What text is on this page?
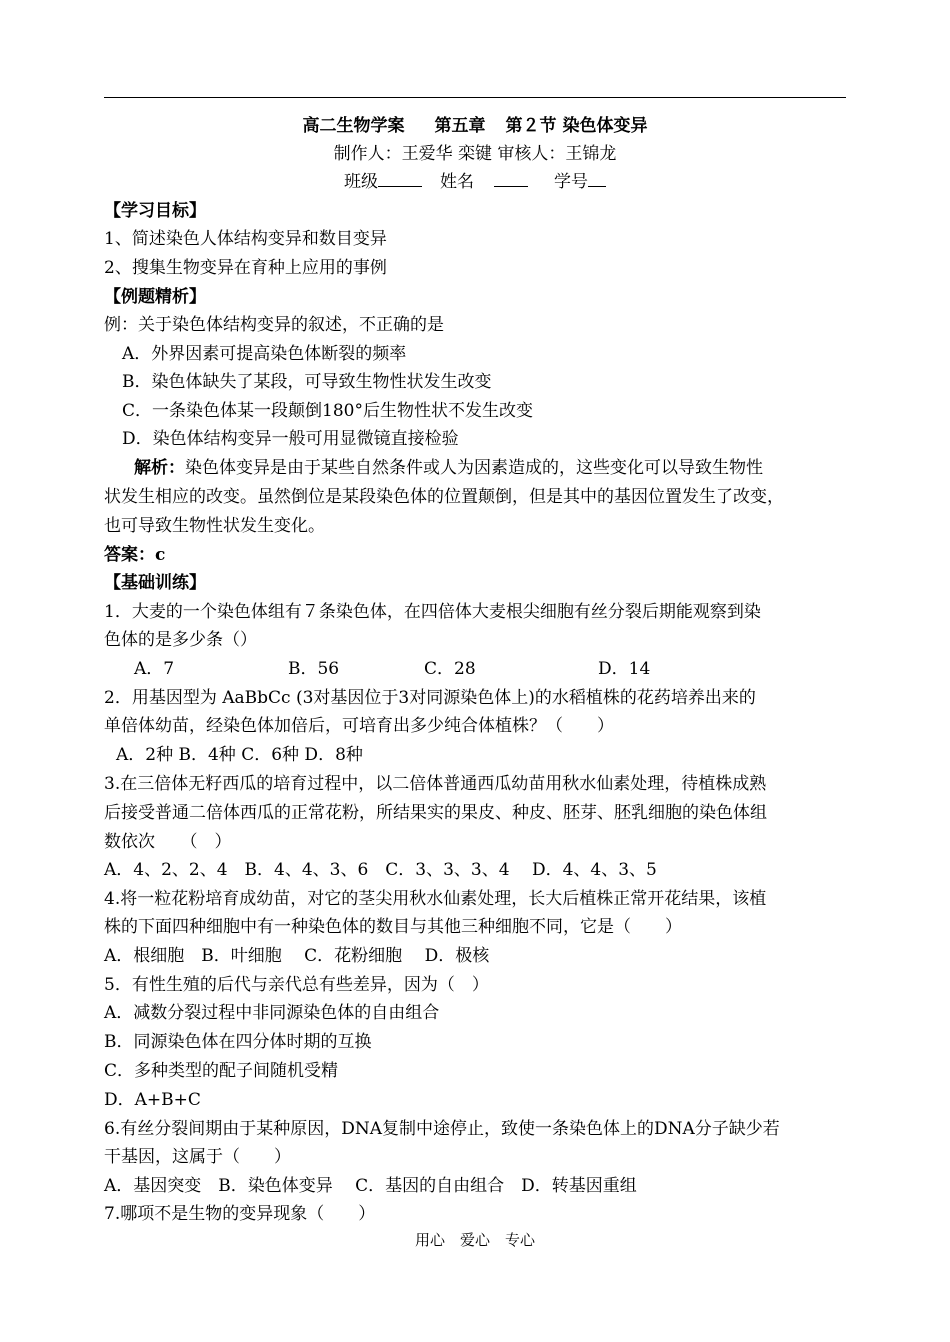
高二生物学案 第五章 第２节 染色体变异
制作人：王爱华 栾键 审核人：王锦龙
班级	姓名	学号
【学习目标】
1、简述染色人体结构变异和数目变异
2、搜集生物变异在育种上应用的事例
【例题精析】
例：关于染色体结构变异的叙述，不正确的是
A．外界因素可提高染色体断裂的频率
B．染色体缺失了某段，可导致生物性状发生改变
C．一条染色体某一段颠倒180°后生物性状不发生改变
D．染色体结构变异一般可用显微镜直接检验
解析：染色体变异是由于某些自然条件或人为因素造成的，这些变化可以导致生物性
状发生相应的改变。虽然倒位是某段染色体的位置颠倒，但是其中的基因位置发生了改变，
也可导致生物性状发生变化。
答案：c
【基础训练】
1．大麦的一个染色体组有７条染色体，在四倍体大麦根尖细胞有丝分裂后期能观察到染
色体的是多少条（）
A．7	B．56	C．28	D．14
2．用基因型为 AaBbCc (3对基因位于3对同源染色体上)的水稻植株的花药培养出来的
单倍体幼苗，经染色体加倍后，可培育出多少纯合体植株？（　　）
A．2种 B．4种 C．6种 D．8种
3.在三倍体无籽西瓜的培育过程中，以二倍体普通西瓜幼苗用秋水仙素处理，待植株成熟
后接受普通二倍体西瓜的正常花粉，所结果实的果皮、种皮、胚芽、胚乳细胞的染色体组
数依次　　（　）
A．4、2、2、4　B．4、4、3、6　C．3、3、3、4　 D．4、4、3、5
4.将一粒花粉培育成幼苗，对它的茎尖用秋水仙素处理，长大后植株正常开花结果，该植
株的下面四种细胞中有一种染色体的数目与其他三种细胞不同，它是（　　）
A．根细胞　B．叶细胞　 C．花粉细胞　 D．极核
5．有性生殖的后代与亲代总有些差异，因为（　）
A．减数分裂过程中非同源染色体的自由组合
B．同源染色体在四分体时期的互换
C．多种类型的配子间随机受精
D．A+B+C
6.有丝分裂间期由于某种原因，DNA复制中途停止，致使一条染色体上的DNA分子缺少若
干基因，这属于（　　）
A．基因突变　B．染色体变异　 C．基因的自由组合　D．转基因重组
7.哪项不是生物的变异现象（　　）
用心　爱心　专心
